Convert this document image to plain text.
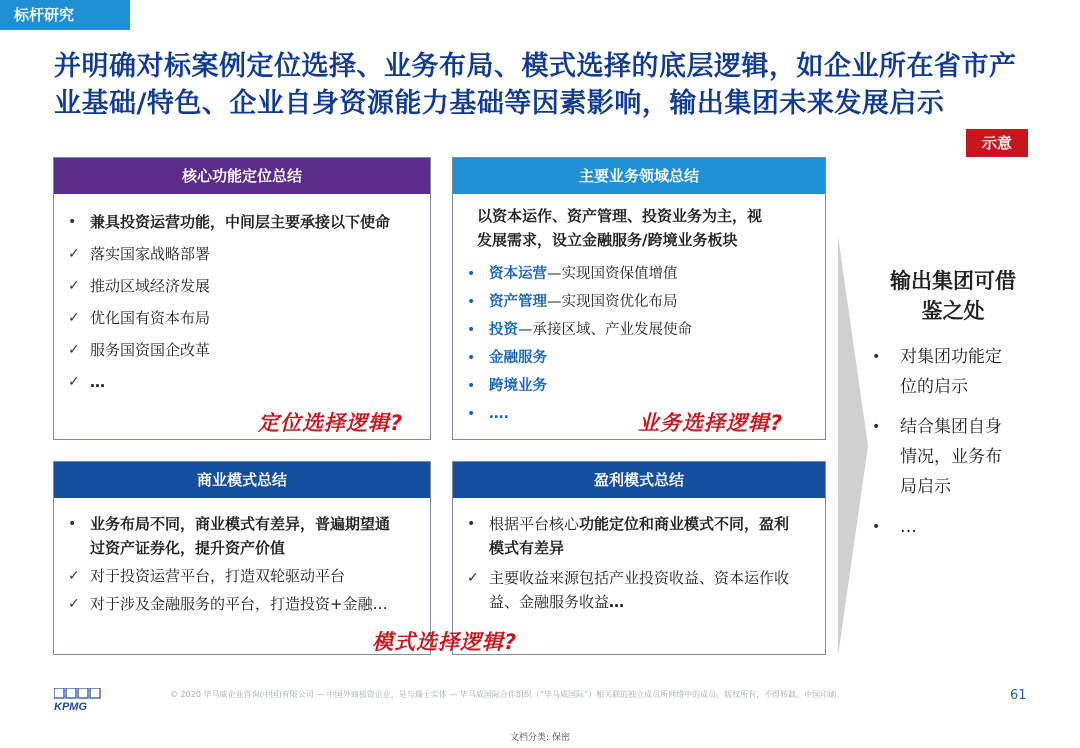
标杆研究
并明确对标案例定位选择、业务布局、模式选择的底层逻辑，如企业所在省市产
业基础/特色、企业自身资源能力基础等因素影响，输出集团未来发展启示
示意
核心功能定位总结
• 兼具投资运营功能，中间层主要承接以下使命
✓ 落实国家战略部署
✓ 推动区域经济发展
✓ 优化国有资本布局
✓ 服务国资国企改革
✓ …
定位选择逻辑?
主要业务领域总结
以资本运作、资产管理、投资业务为主，视
发展需求，设立金融服务/跨境业务板块
• 资本运营 —实现国资保值增值
• 资产管理 —实现国资优化布局
• 投资 —承接区域、产业发展使命
• 金融服务
• 跨境业务
• ….	业务选择逻辑?
商业模式总结
• 业务布局不同，商业模式有差异，普遍期望通
过资产证券化，提升资产价值
✓ 对于投资运营平台，打造双轮驱动平台
✓ 对于涉及金融服务的平台，打造投资+金融…
盈利模式总结
• 根据平台核心功能定位和商业模式不同，盈利
模式有差异
✓ 主要收益来源包括产业投资收益、资本运作收
益、金融服务收益…
模式选择逻辑?
输出集团可借
鉴之处
•	对集团功能定
位的启示
•	结合集团自身
情况，业务布
局启示
•	…
KPMG
© 2020 毕马威企业咨询(中国)有限公司 — 中国外商独资企业，是与瑞士实体 — 毕马威国际合作组织（“毕马威国际”）相关联的独立成员所网络中的成员。版权所有，不得转载。中国印刷。	61
文档分类: 保密
